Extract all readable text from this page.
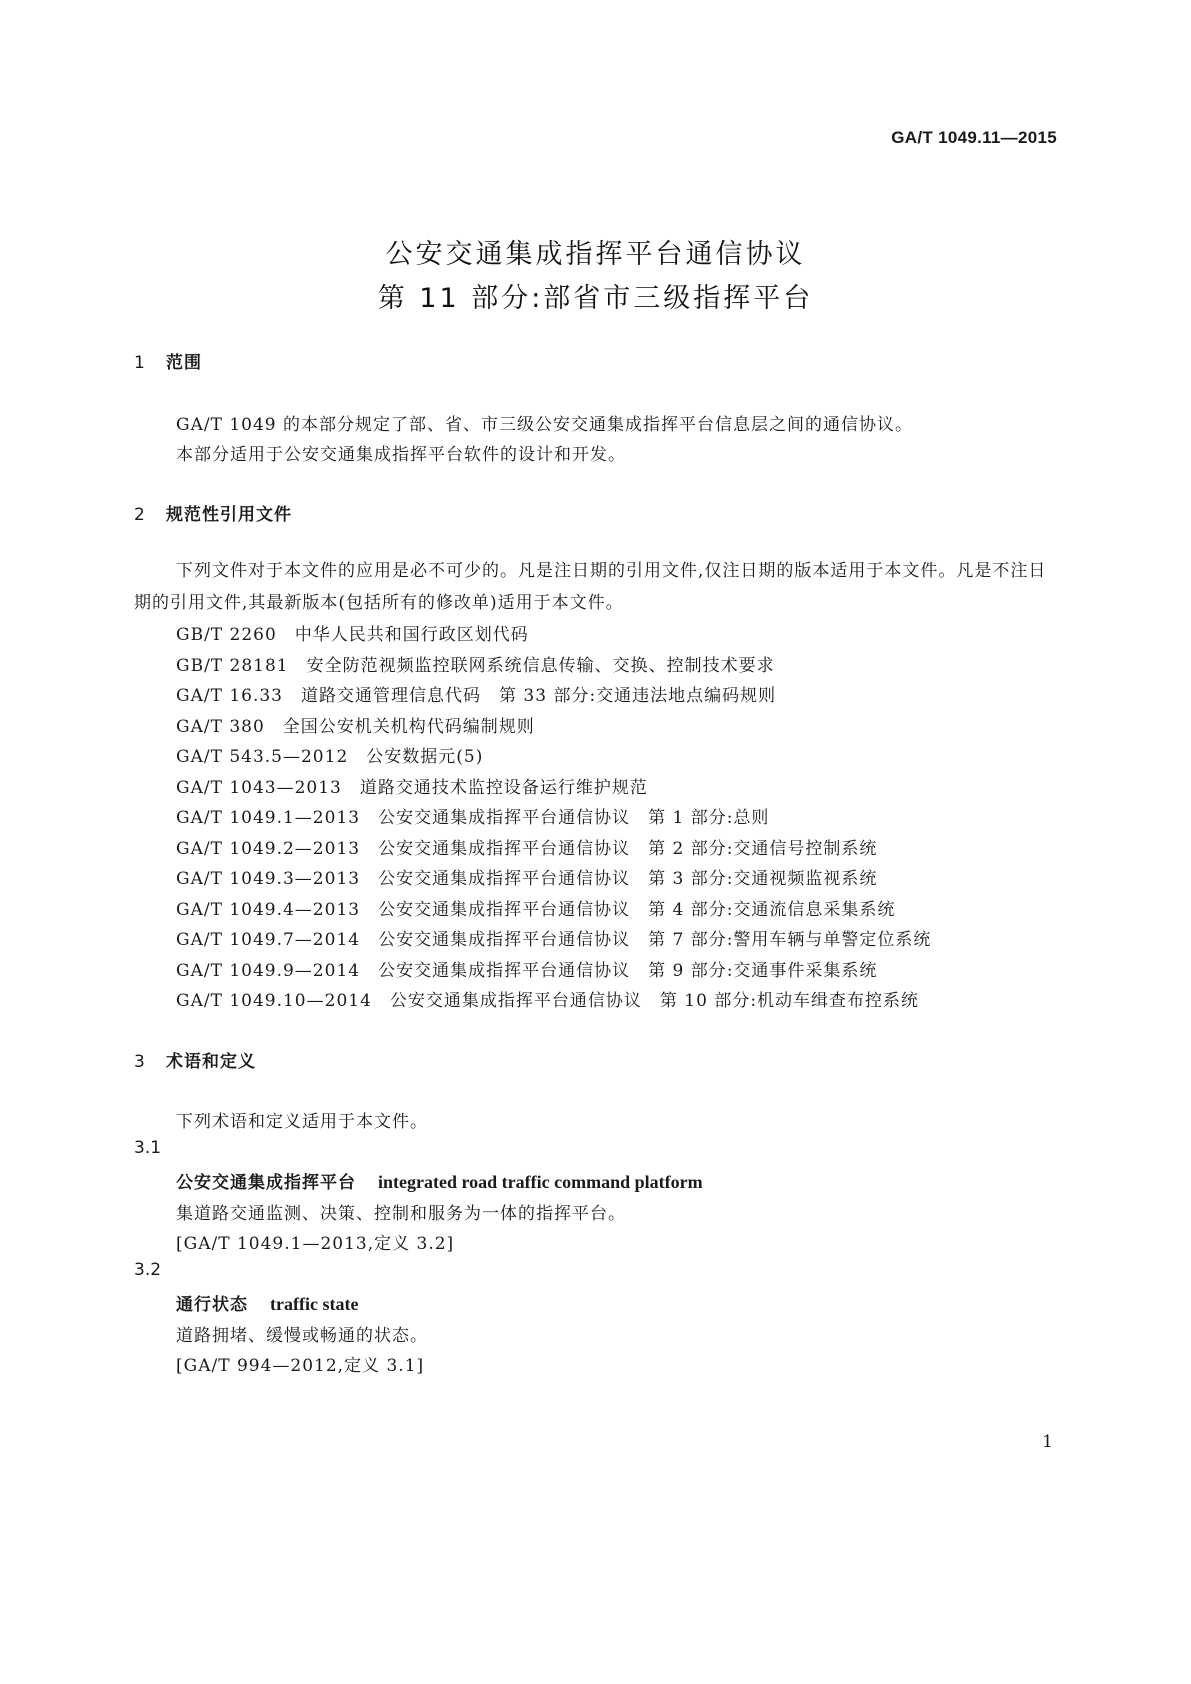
GA/T 1049.11—2015
公安交通集成指挥平台通信协议
第 11 部分:部省市三级指挥平台
1 范围
GA/T 1049 的本部分规定了部、省、市三级公安交通集成指挥平台信息层之间的通信协议。
本部分适用于公安交通集成指挥平台软件的设计和开发。
2 规范性引用文件
下列文件对于本文件的应用是必不可少的。凡是注日期的引用文件,仅注日期的版本适用于本文件。凡是不注日期的引用文件,其最新版本(包括所有的修改单)适用于本文件。
GB/T 2260 中华人民共和国行政区划代码
GB/T 28181 安全防范视频监控联网系统信息传输、交换、控制技术要求
GA/T 16.33 道路交通管理信息代码　第 33 部分:交通违法地点编码规则
GA/T 380 全国公安机关机构代码编制规则
GA/T 543.5—2012 公安数据元(5)
GA/T 1043—2013 道路交通技术监控设备运行维护规范
GA/T 1049.1—2013 公安交通集成指挥平台通信协议　第 1 部分:总则
GA/T 1049.2—2013 公安交通集成指挥平台通信协议　第 2 部分:交通信号控制系统
GA/T 1049.3—2013 公安交通集成指挥平台通信协议　第 3 部分:交通视频监视系统
GA/T 1049.4—2013 公安交通集成指挥平台通信协议　第 4 部分:交通流信息采集系统
GA/T 1049.7—2014 公安交通集成指挥平台通信协议　第 7 部分:警用车辆与单警定位系统
GA/T 1049.9—2014 公安交通集成指挥平台通信协议　第 9 部分:交通事件采集系统
GA/T 1049.10—2014 公安交通集成指挥平台通信协议　第 10 部分:机动车缉查布控系统
3 术语和定义
下列术语和定义适用于本文件。
3.1
公安交通集成指挥平台 integrated road traffic command platform
集道路交通监测、决策、控制和服务为一体的指挥平台。
[GA/T 1049.1—2013,定义 3.2]
3.2
通行状态 traffic state
道路拥堵、缓慢或畅通的状态。
[GA/T 994—2012,定义 3.1]
1
